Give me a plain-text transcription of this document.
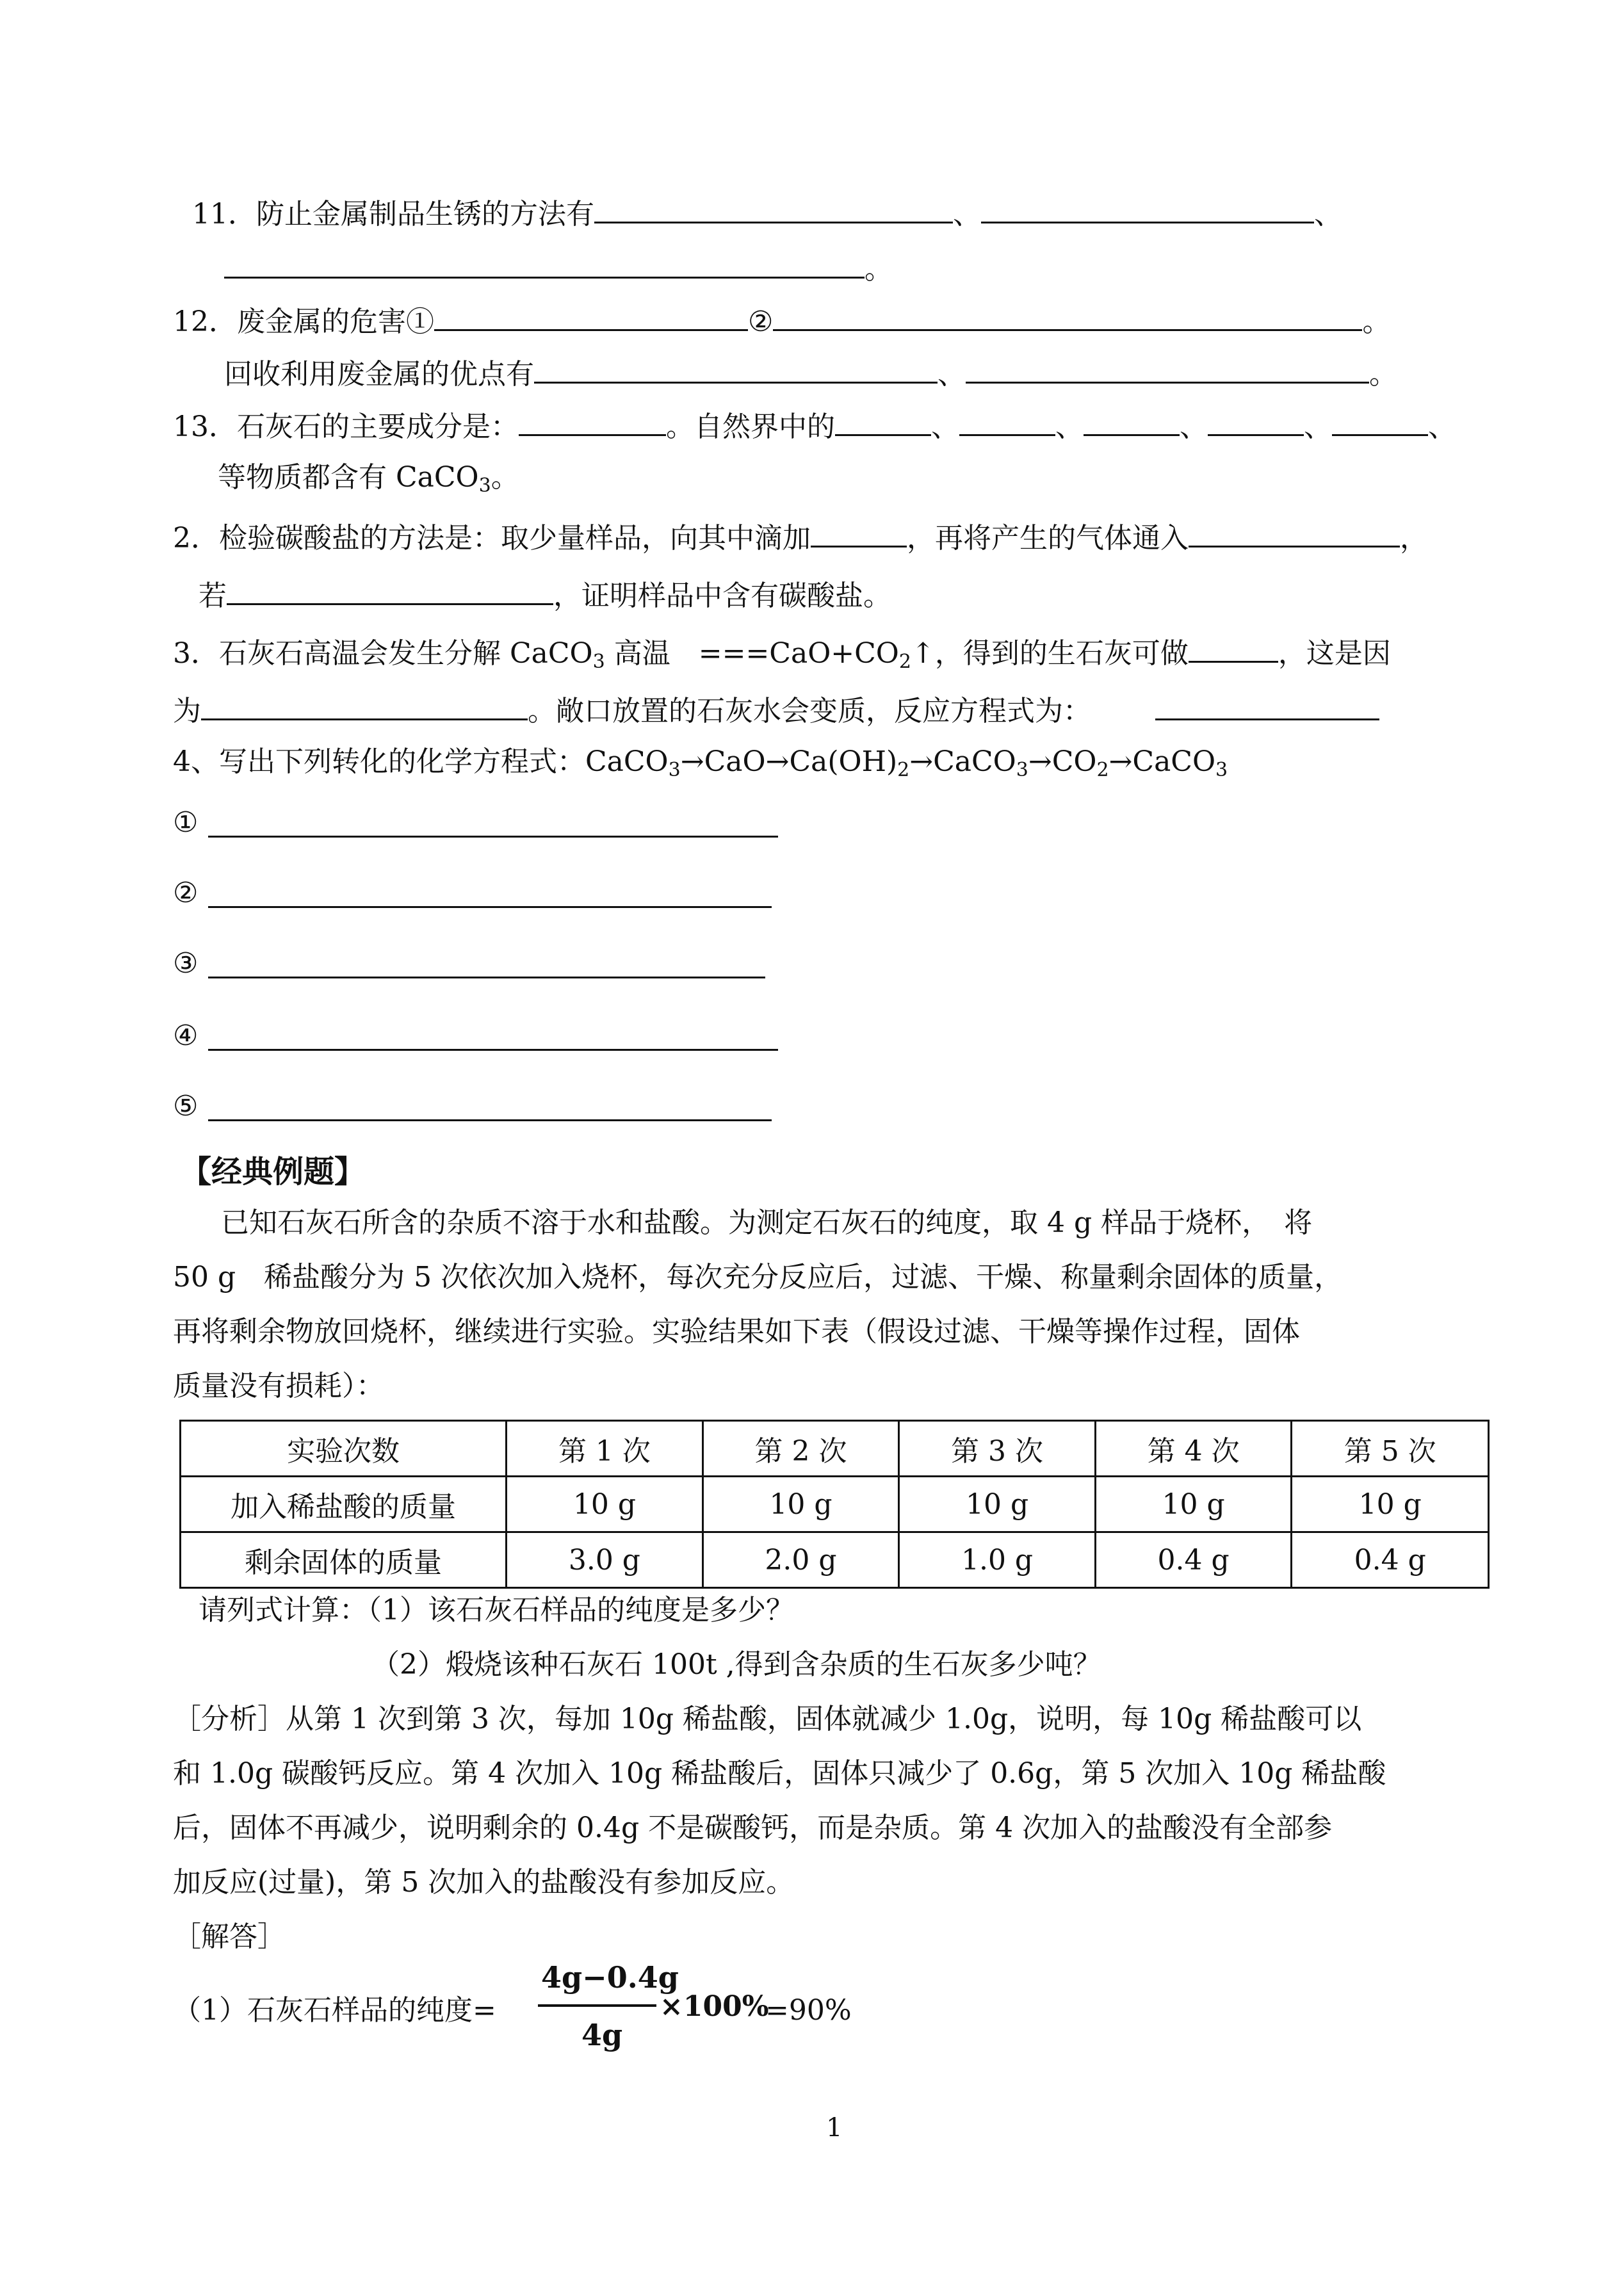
11．防止金属制品生锈的方法有	、	、
。
12．废金属的危害①	②	。
回收利用废金属的优点有	、	。
13．石灰石的主要成分是：	。自然界中的	、	、	、	、	、
等物质都含有 CaCO$_3$。
2．检验碳酸盐的方法是：取少量样品，向其中滴加	，再将产生的气体通入	，
若	，证明样品中含有碳酸盐。
3．石灰石高温会发生分解 CaCO$_3$ 高温　$===CaO+CO_2↑$，得到的生石灰可做	，这是因
为	。敞口放置的石灰水会变质，反应方程式为：
4、写出下列转化的化学方程式：$CaCO_3\to CaO\to Ca(OH)_2\to CaCO_3\to CO_2\to CaCO_3$
①
②
③
④
⑤
【经典例题】
已知石灰石所含的杂质不溶于水和盐酸。为测定石灰石的纯度，取 4 g 样品于烧杯，　将
50 g　稀盐酸分为 5 次依次加入烧杯，每次充分反应后，过滤、干燥、称量剩余固体的质量，
再将剩余物放回烧杯，继续进行实验。实验结果如下表（假设过滤、干燥等操作过程，固体
质量没有损耗）：
实验次数	第 1 次	第 2 次	第 3 次	第 4 次	第 5 次
加入稀盐酸的质量	10 g	10 g	10 g	10 g	10 g
剩余固体的质量	3.0 g	2.0 g	1.0 g	0.4 g	0.4 g
请列式计算：（1）该石灰石样品的纯度是多少？
（2）煅烧该种石灰石 100t ,得到含杂质的生石灰多少吨？
［分析］从第 1 次到第 3 次，每加 10g 稀盐酸，固体就减少 1.0g，说明，每 10g 稀盐酸可以
和 1.0g 碳酸钙反应。第 4 次加入 10g 稀盐酸后，固体只减少了 0.6g，第 5 次加入 10g 稀盐酸
后，固体不再减少，说明剩余的 0.4g 不是碳酸钙，而是杂质。第 4 次加入的盐酸没有全部参
加反应(过量)，第 5 次加入的盐酸没有参加反应。
［解答］
（1）石灰石样品的纯度=
4g−0.4g
4g
×100%
=90%
1
